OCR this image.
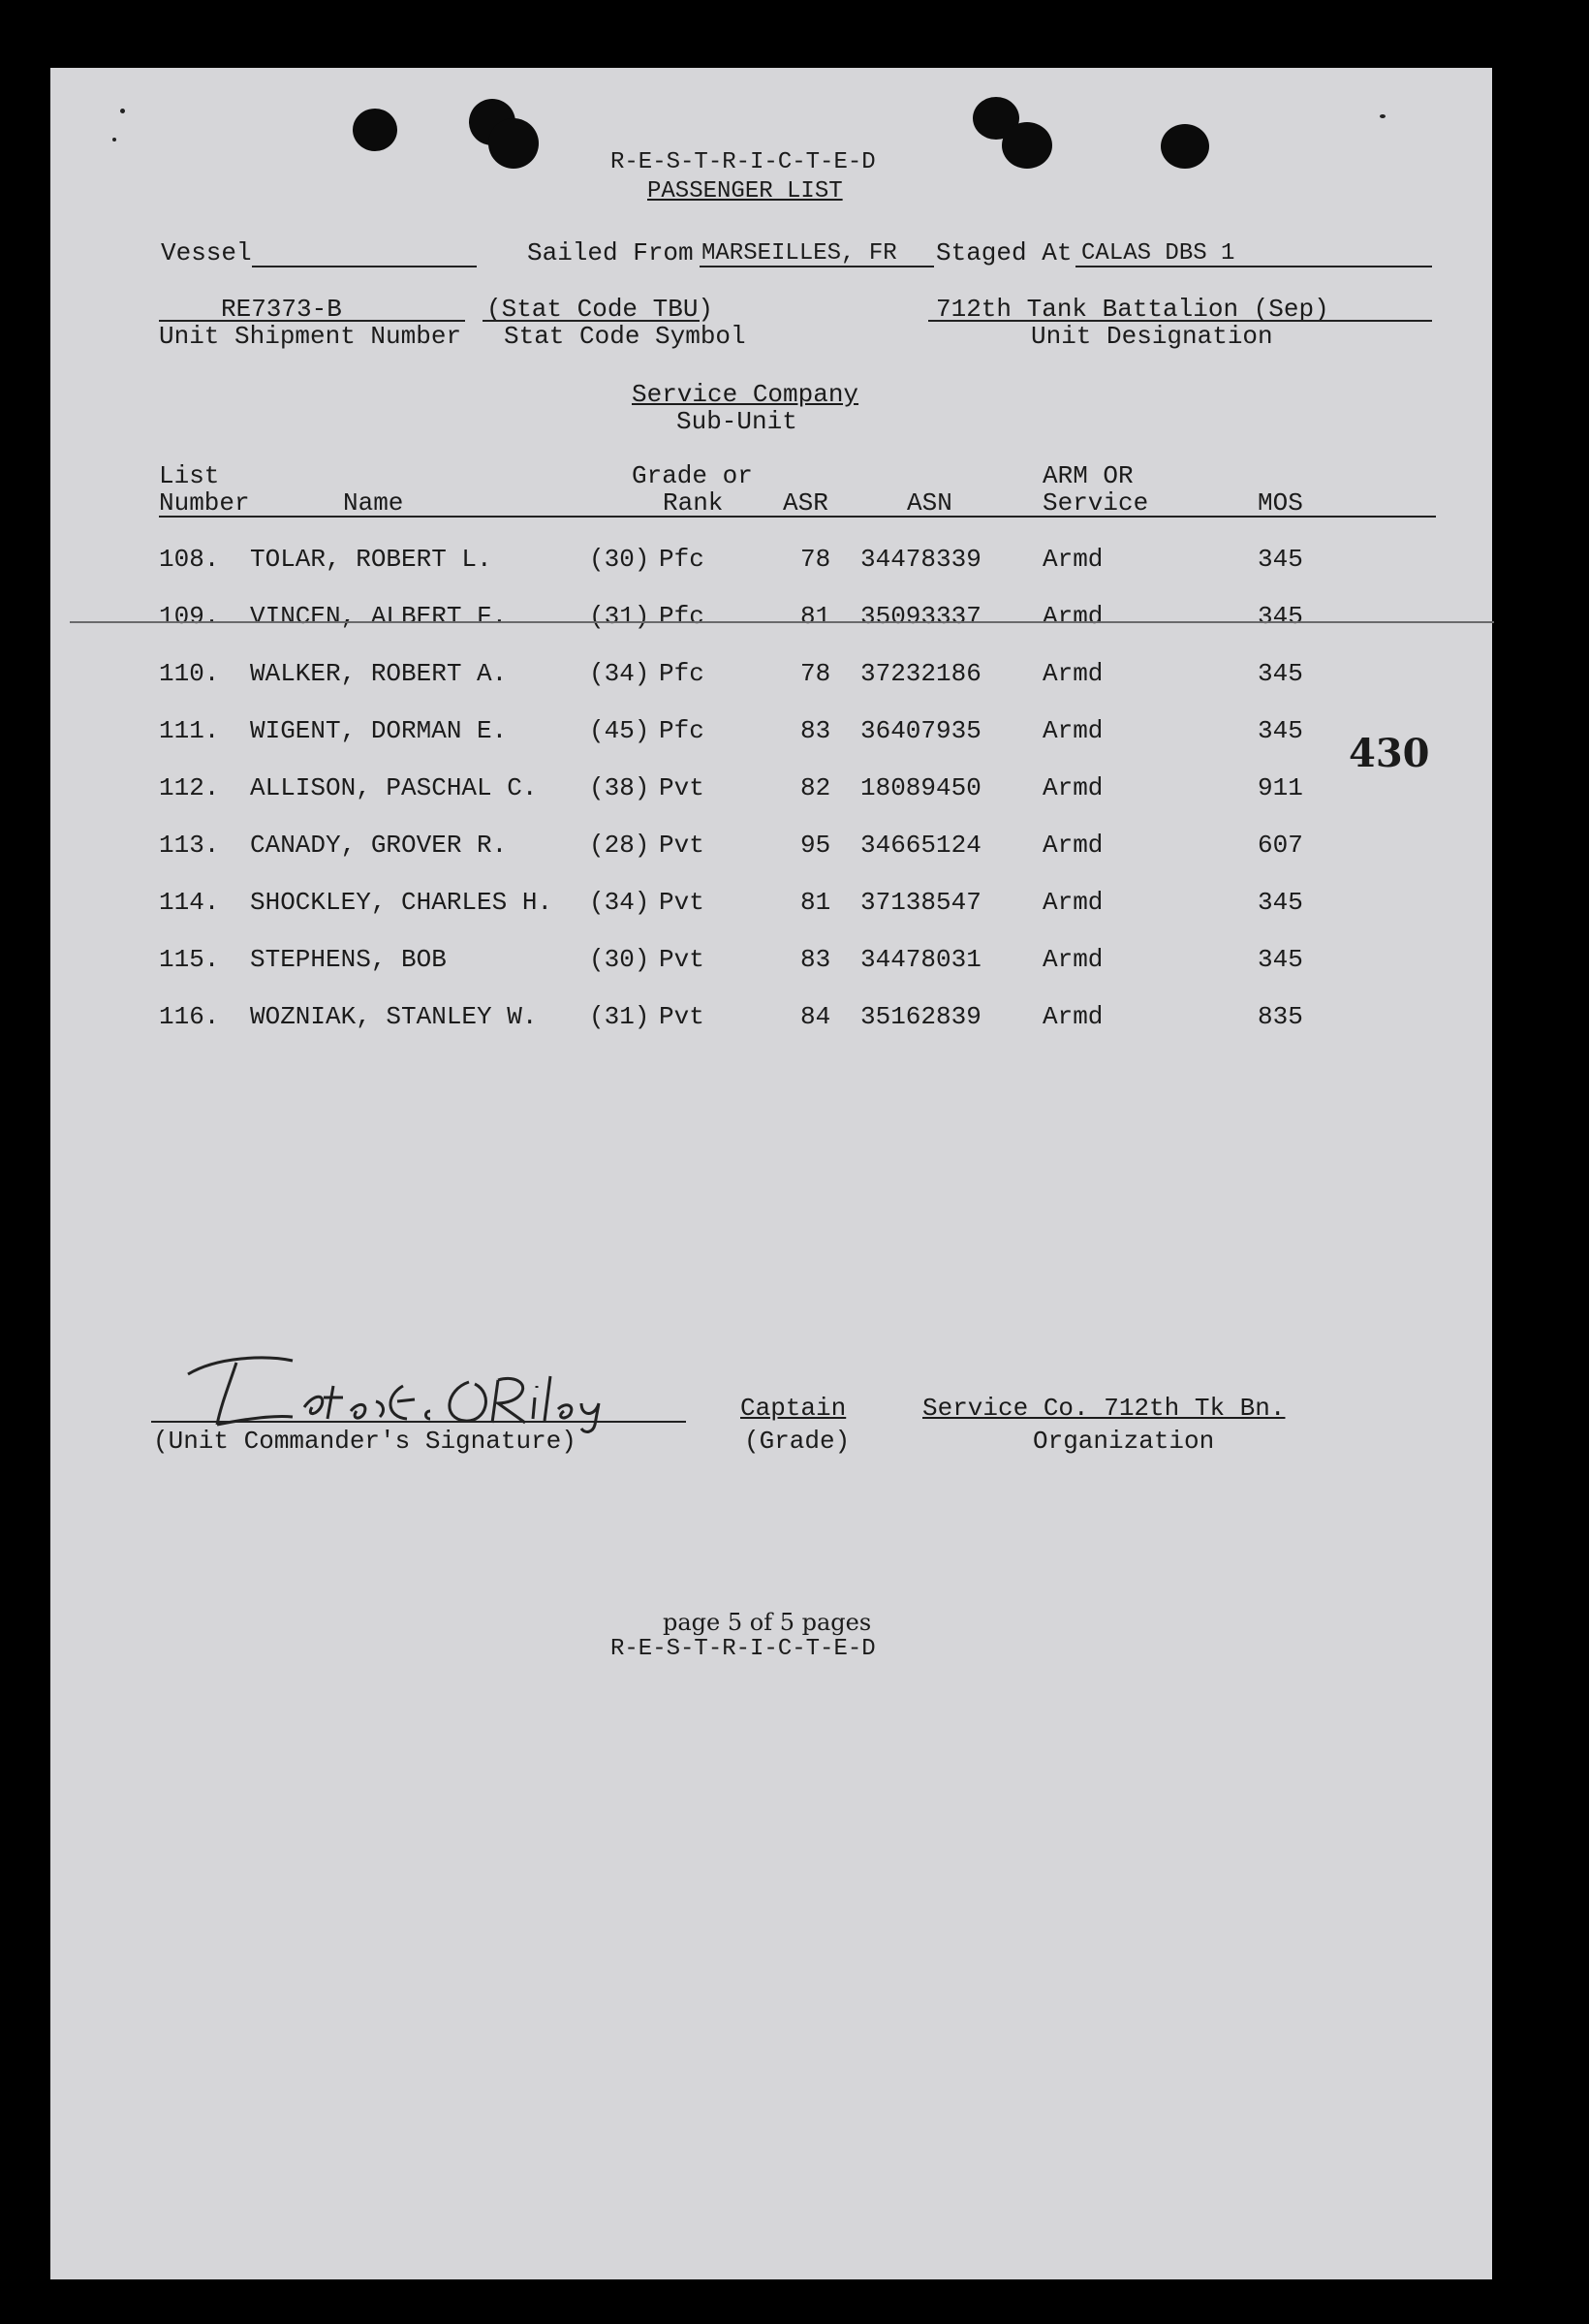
R-E-S-T-R-I-C-T-E-D
PASSENGER LIST
Vessel	Sailed From MARSEILLES, FR Staged At CALAS DBS 1
RE7373-B
Unit Shipment Number
(Stat Code TBU)
Stat Code Symbol
712th Tank Battalion (Sep)
Unit Designation
Service Company
Sub-Unit
List
Number	Name
Grade or
Rank ASR	ASN
ARM OR
Service	MOS
108. TOLAR, ROBERT L.	(30) Pfc	78 34478339 Armd	345
109. VINCEN, ALBERT F.	(31) Pfc	81 35093337 Armd	345
110. WALKER, ROBERT A.	(34) Pfc	78 37232186 Armd	345
111. WIGENT, DORMAN E.	(45) Pfc	83 36407935 Armd	345
112. ALLISON, PASCHAL C. (38) Pvt	82 18089450 Armd	911
113. CANADY, GROVER R.	(28) Pvt	95 34665124 Armd	607
114. SHOCKLEY, CHARLES H. (34) Pvt	81 37138547 Armd	345
115. STEPHENS, BOB	(30) Pvt	83 34478031 Armd	345
116. WOZNIAK, STANLEY W. (31) Pvt	84 35162839 Armd	835
430
Lester E. O'Riley
(Unit Commander's Signature)
Captain
(Grade)
Service Co. 712th Tk Bn.
Organization
page 5 of 5 pages
R-E-S-T-R-I-C-T-E-D
